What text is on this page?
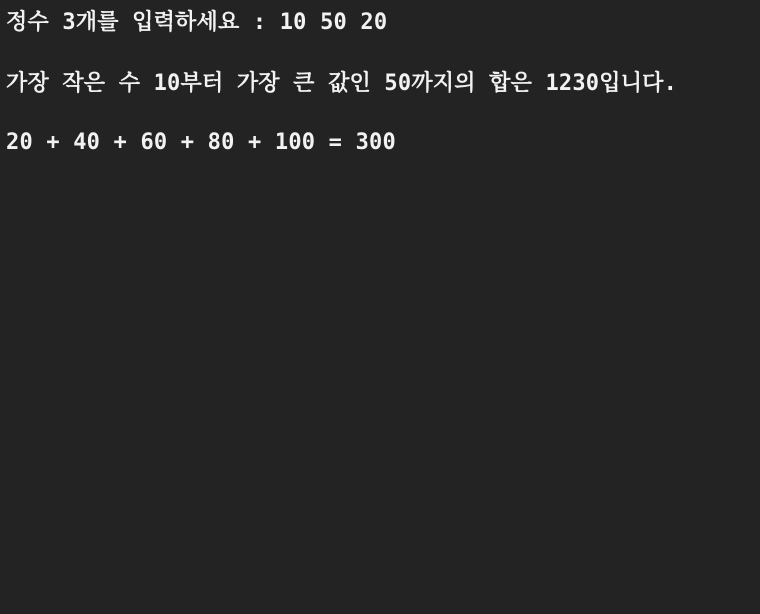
정수 3개를 입력하세요 : 10 50 20
가장 작은 수 10부터 가장 큰 값인 50까지의 합은 1230입니다.
20 + 40 + 60 + 80 + 100 = 300
